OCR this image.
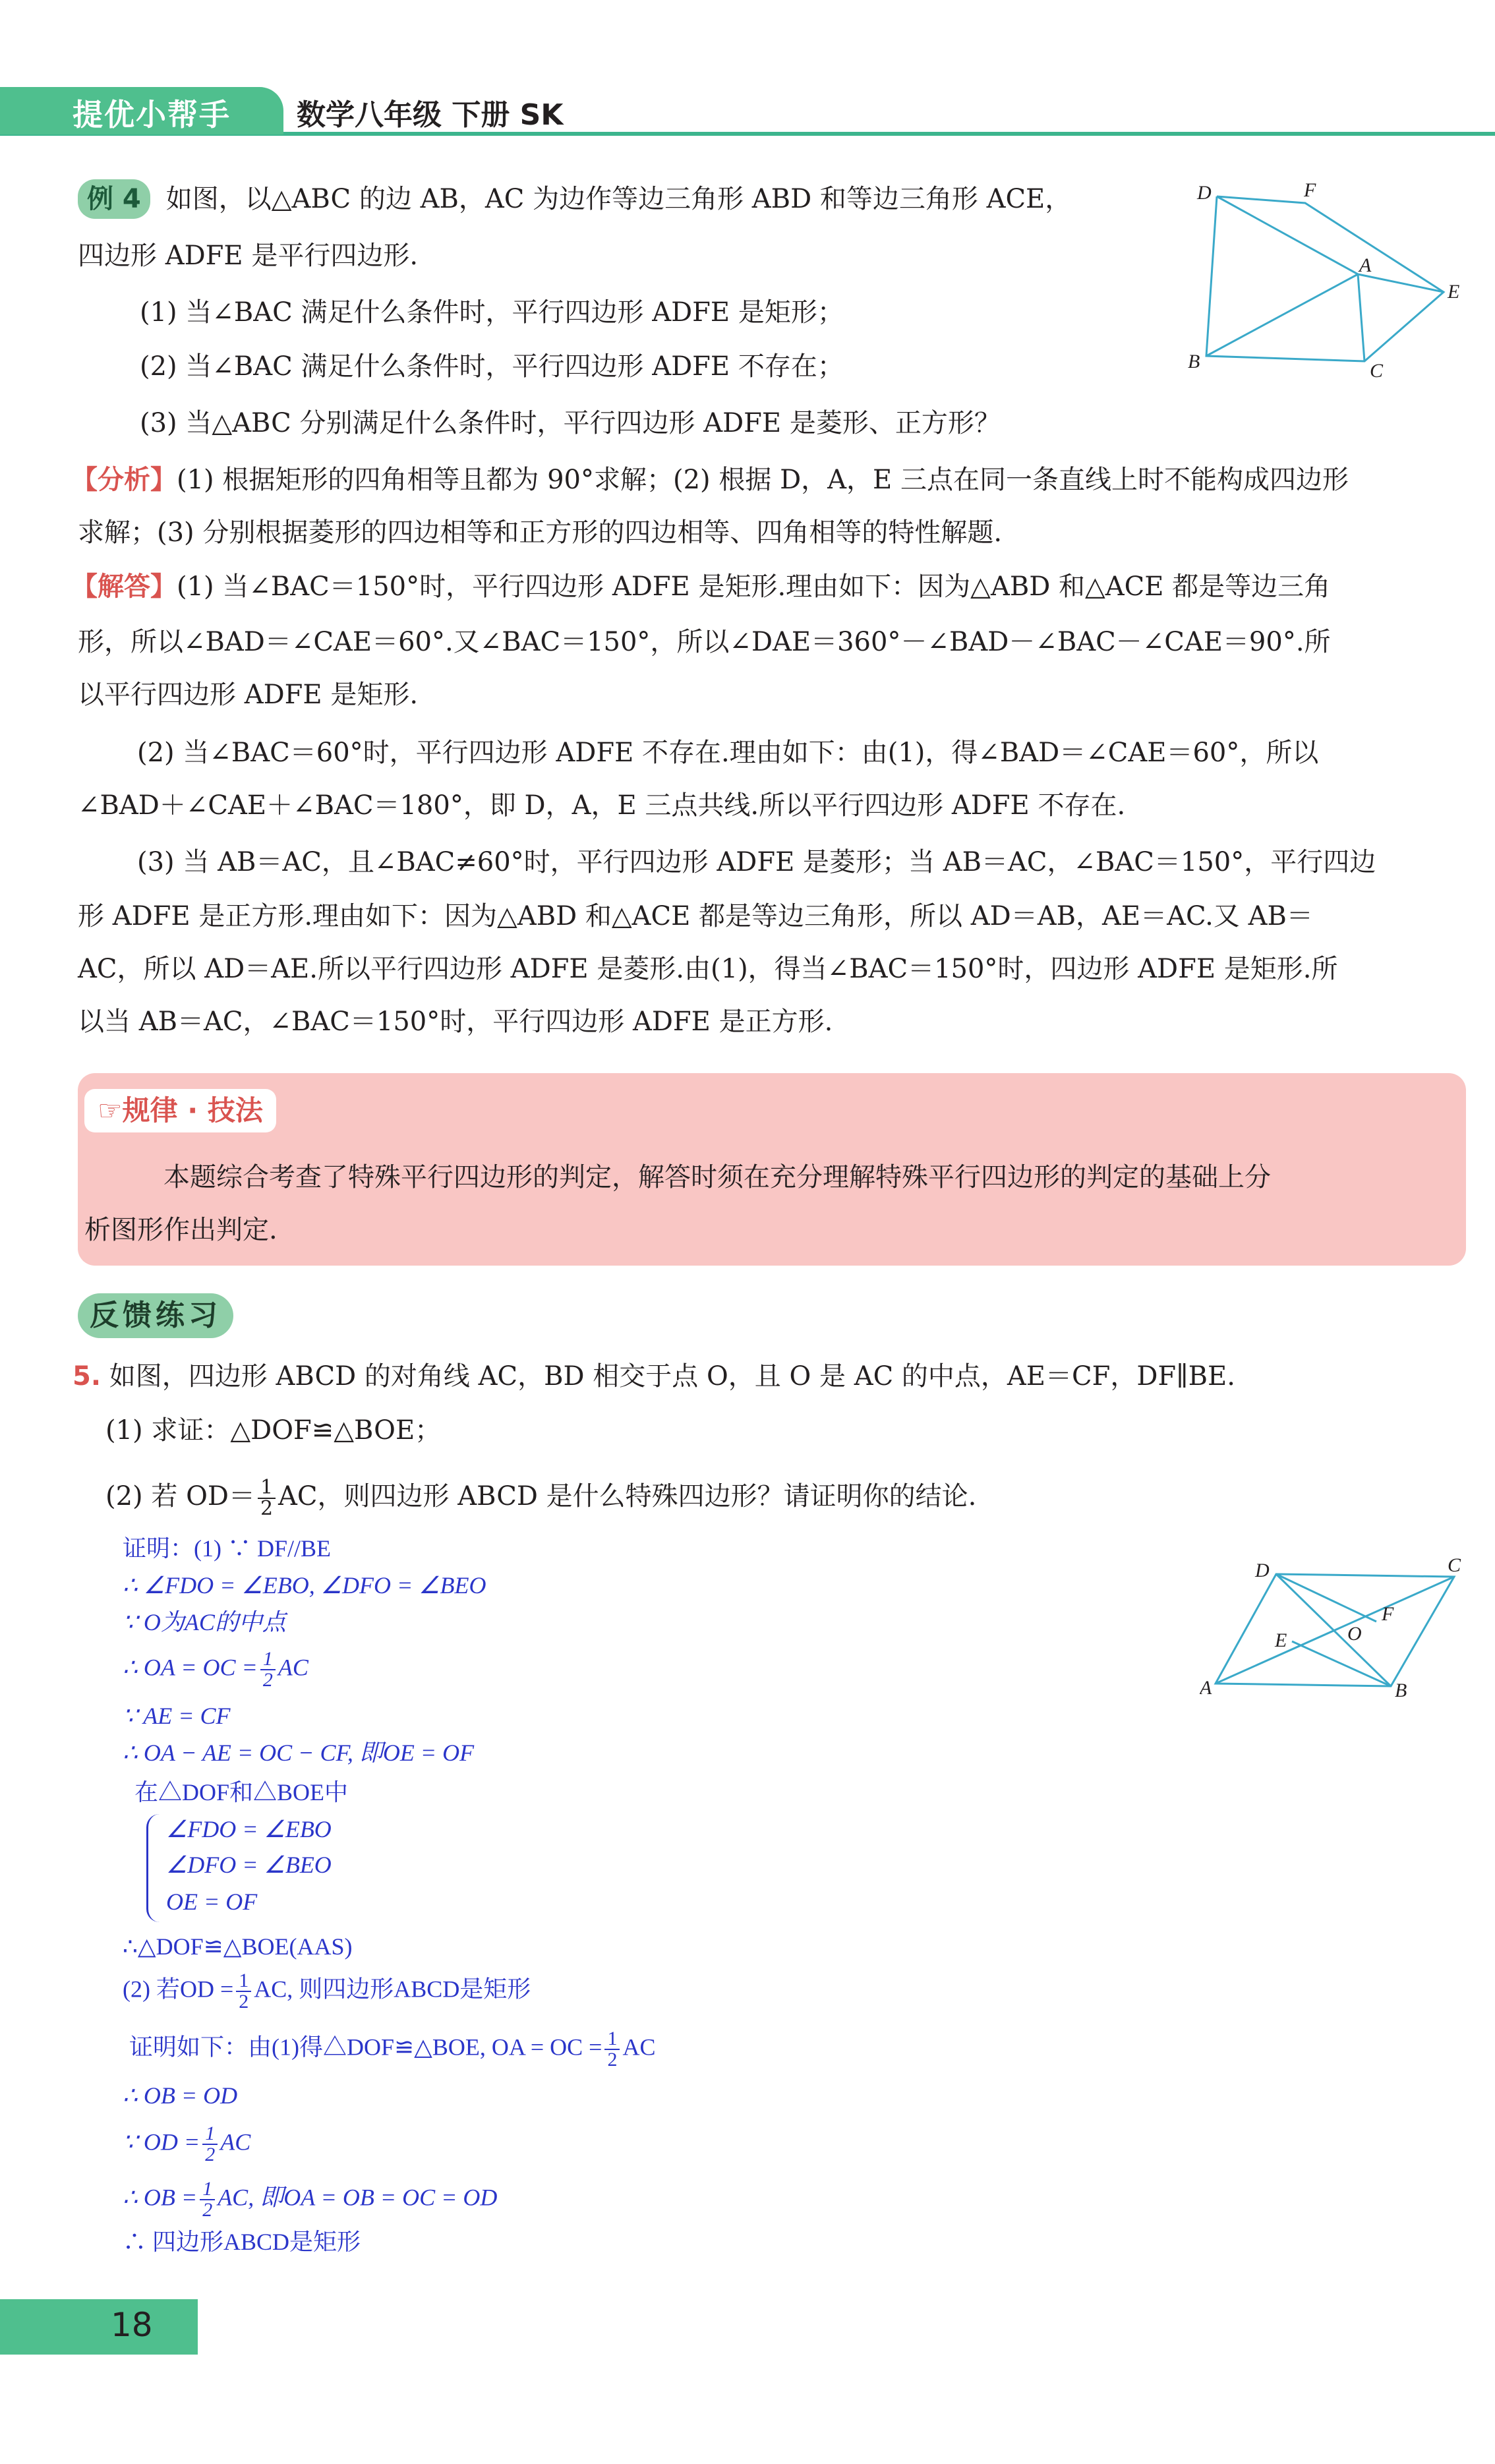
提优小帮手 数学八年级 下册 SK
例 4 如图，以△ABC 的边 AB，AC 为边作等边三角形 ABD 和等边三角形 ACE，
四边形 ADFE 是平行四边形.
(1) 当∠BAC 满足什么条件时，平行四边形 ADFE 是矩形；
(2) 当∠BAC 满足什么条件时，平行四边形 ADFE 不存在；
(3) 当△ABC 分别满足什么条件时，平行四边形 ADFE 是菱形、正方形？
D	F
A
E
B	C
【分析】(1) 根据矩形的四角相等且都为 90°求解；(2) 根据 D，A，E 三点在同一条直线上时不能构成四边形
求解；(3) 分别根据菱形的四边相等和正方形的四边相等、四角相等的特性解题.
【解答】(1) 当∠BAC＝150°时，平行四边形 ADFE 是矩形.理由如下：因为△ABD 和△ACE 都是等边三角
形，所以∠BAD＝∠CAE＝60°.又∠BAC＝150°，所以∠DAE＝360°－∠BAD－∠BAC－∠CAE＝90°.所
以平行四边形 ADFE 是矩形.
(2) 当∠BAC＝60°时，平行四边形 ADFE 不存在.理由如下：由(1)，得∠BAD＝∠CAE＝60°，所以
∠BAD＋∠CAE＋∠BAC＝180°，即 D，A，E 三点共线.所以平行四边形 ADFE 不存在.
(3) 当 AB＝AC，且∠BAC≠60°时，平行四边形 ADFE 是菱形；当 AB＝AC，∠BAC＝150°，平行四边
形 ADFE 是正方形.理由如下：因为△ABD 和△ACE 都是等边三角形，所以 AD＝AB，AE＝AC.又 AB＝
AC，所以 AD＝AE.所以平行四边形 ADFE 是菱形.由(1)，得当∠BAC＝150°时，四边形 ADFE 是矩形.所
以当 AB＝AC，∠BAC＝150°时，平行四边形 ADFE 是正方形.
☞规律 · 技法
本题综合考查了特殊平行四边形的判定，解答时须在充分理解特殊平行四边形的判定的基础上分
析图形作出判定.
反馈练习
5. 如图，四边形 ABCD 的对角线 AC，BD 相交于点 O，且 O 是 AC 的中点，AE＝CF，DF∥BE.
(1) 求证：△DOF≌△BOE；
(2) 若 $OD= \frac{1}{2}$ AC，则四边形 ABCD 是什么特殊四边形？请证明你的结论.
D	C
O
F
E
A	B
证明：(1) ∵ DF//BE
∴ ∠FDO = ∠EBO, ∠DFO = ∠BEO
∵ O为AC的中点
∴ OA = OC = $\frac{1}{2}$ AC
∵ AE = CF
∴ OA − AE = OC − CF, 即OE = OF
在△DOF和△BOE中
∠FDO = ∠EBO
∠DFO = ∠BEO
OE = OF
∴△DOF≌△BOE(AAS)
(2) 若OD = $\frac{1}{2}$ AC, 则四边形ABCD是矩形
证明如下：由(1)得△DOF≌△BOE, OA = OC = $\frac{1}{2}$ AC
∴ OB = OD
∵ OD = $\frac{1}{2}$ AC
∴ OB = $\frac{1}{2}$ AC, 即OA = OB = OC = OD
∴ 四边形ABCD是矩形
18
